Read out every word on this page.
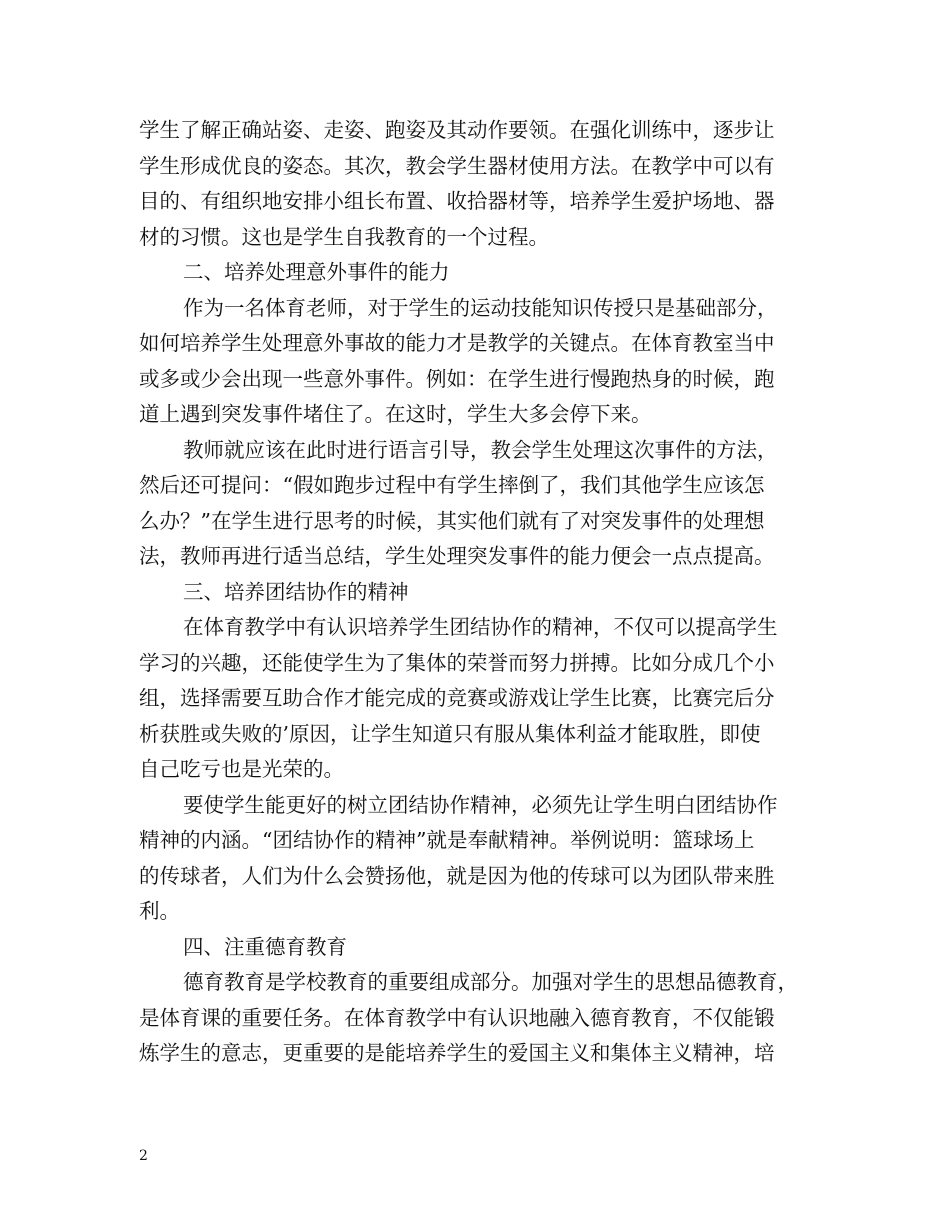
学生了解正确站姿、走姿、跑姿及其动作要领。在强化训练中，逐步让
学生形成优良的姿态。其次，教会学生器材使用方法。在教学中可以有
目的、有组织地安排小组长布置、收拾器材等，培养学生爱护场地、器
材的习惯。这也是学生自我教育的一个过程。
二、培养处理意外事件的能力
作为一名体育老师，对于学生的运动技能知识传授只是基础部分，
如何培养学生处理意外事故的能力才是教学的关键点。在体育教室当中
或多或少会出现一些意外事件。例如：在学生进行慢跑热身的时候，跑
道上遇到突发事件堵住了。在这时，学生大多会停下来。
教师就应该在此时进行语言引导，教会学生处理这次事件的方法，
然后还可提问：“假如跑步过程中有学生摔倒了，我们其他学生应该怎
么办？”在学生进行思考的时候，其实他们就有了对突发事件的处理想
法，教师再进行适当总结，学生处理突发事件的能力便会一点点提高。
三、培养团结协作的精神
在体育教学中有认识培养学生团结协作的精神，不仅可以提高学生
学习的兴趣，还能使学生为了集体的荣誉而努力拼搏。比如分成几个小
组，选择需要互助合作才能完成的竞赛或游戏让学生比赛，比赛完后分
析获胜或失败的’原因，让学生知道只有服从集体利益才能取胜，即使
自己吃亏也是光荣的。
要使学生能更好的树立团结协作精神，必须先让学生明白团结协作
精神的内涵。“团结协作的精神”就是奉献精神。举例说明：篮球场上
的传球者，人们为什么会赞扬他，就是因为他的传球可以为团队带来胜
利。
四、注重德育教育
德育教育是学校教育的重要组成部分。加强对学生的思想品德教育，
是体育课的重要任务。在体育教学中有认识地融入德育教育，不仅能锻
炼学生的意志，更重要的是能培养学生的爱国主义和集体主义精神，培
2
